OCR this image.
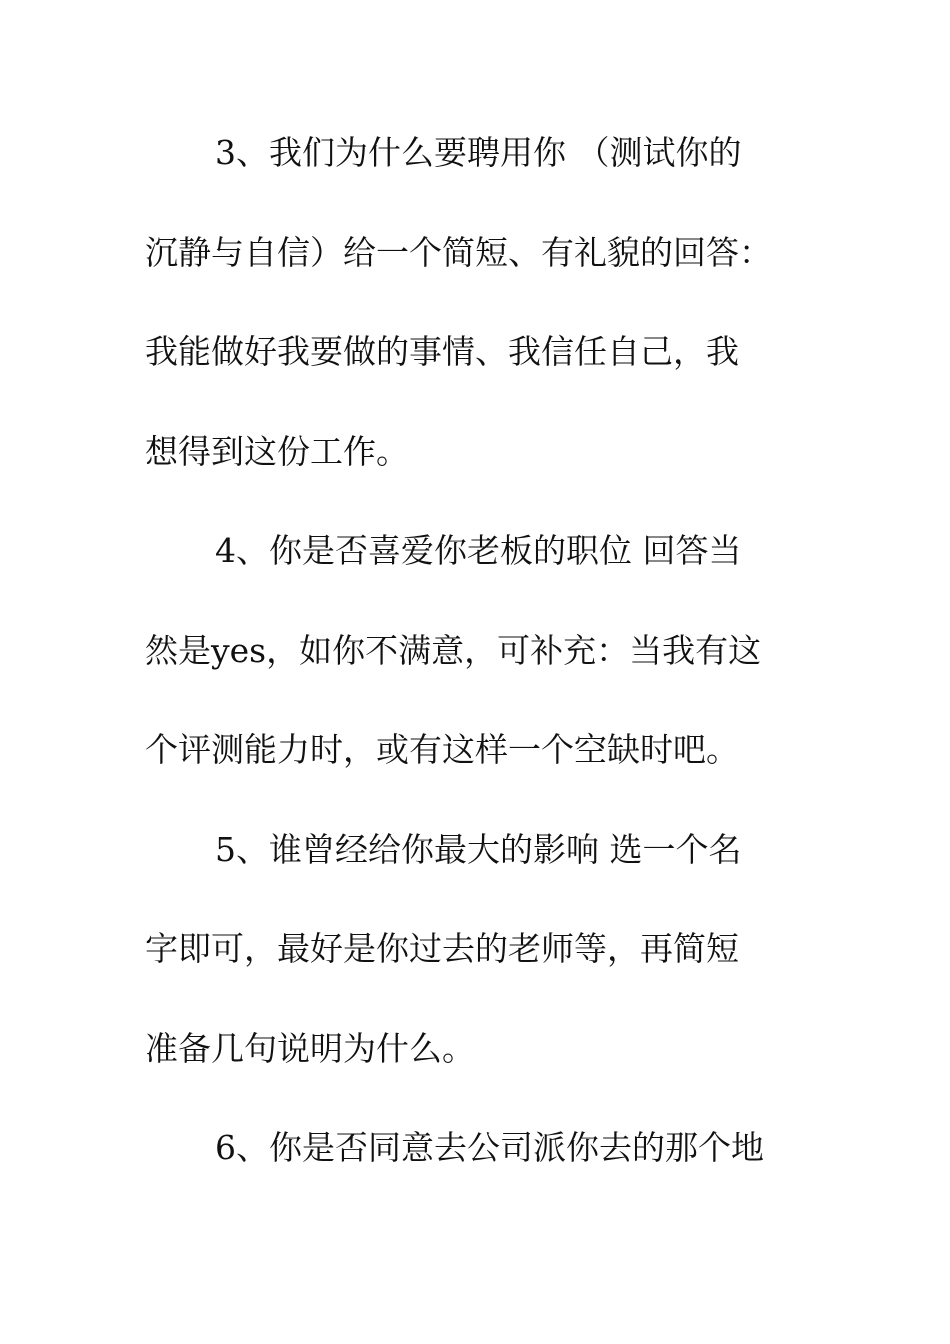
3、我们为什么要聘用你 （测试你的

沉静与自信）给一个简短、有礼貌的回答：

我能做好我要做的事情、我信任自己，我

想得到这份工作。

4、你是否喜爱你老板的职位 回答当

然是yes，如你不满意，可补充：当我有这

个评测能力时，或有这样一个空缺时吧。

5、谁曾经给你最大的影响 选一个名

字即可，最好是你过去的老师等，再简短

准备几句说明为什么。

6、你是否同意去公司派你去的那个地
